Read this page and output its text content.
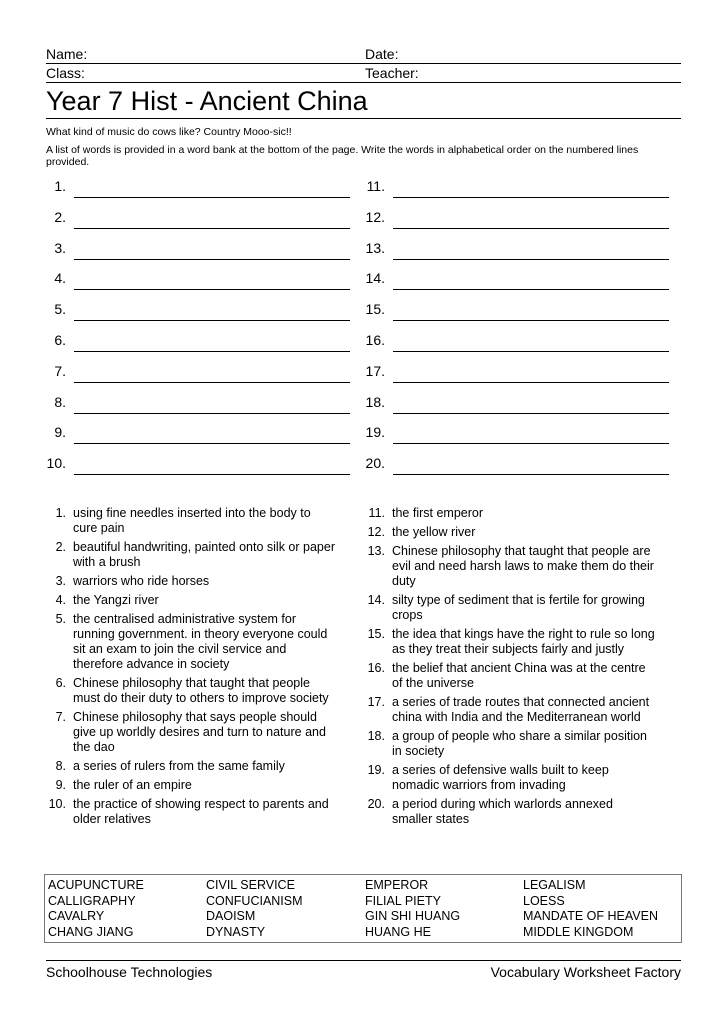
Name:	Date:
Class:	Teacher:
Year 7 Hist - Ancient China
What kind of music do cows like? Country Mooo-sic!!
A list of words is provided in a word bank at the bottom of the page. Write the words in alphabetical order on the numbered lines provided.
1.
2.
3.
4.
5.
6.
7.
8.
9.
10.
11.
12.
13.
14.
15.
16.
17.
18.
19.
20.
1. using fine needles inserted into the body to cure pain
2. beautiful handwriting, painted onto silk or paper with a brush
3. warriors who ride horses
4. the Yangzi river
5. the centralised administrative system for running government. in theory everyone could sit an exam to join the civil service and therefore advance in society
6. Chinese philosophy that taught that people must do their duty to others to improve society
7. Chinese philosophy that says people should give up worldly desires and turn to nature and the dao
8. a series of rulers from the same family
9. the ruler of an empire
10. the practice of showing respect to parents and older relatives
11. the first emperor
12. the yellow river
13. Chinese philosophy that taught that people are evil and need harsh laws to make them do their duty
14. silty type of sediment that is fertile for growing crops
15. the idea that kings have the right to rule so long as they treat their subjects fairly and justly
16. the belief that ancient China was at the centre of the universe
17. a series of trade routes that connected ancient china with India and the Mediterranean world
18. a group of people who share a similar position in society
19. a series of defensive walls built to keep nomadic warriors from invading
20. a period during which warlords annexed smaller states
ACUPUNCTURE	CIVIL SERVICE	EMPEROR	LEGALISM
CALLIGRAPHY	CONFUCIANISM	FILIAL PIETY	LOESS
CAVALRY	DAOISM	GIN SHI HUANG	MANDATE OF HEAVEN
CHANG JIANG	DYNASTY	HUANG HE	MIDDLE KINGDOM
Schoolhouse Technologies	Vocabulary Worksheet Factory
